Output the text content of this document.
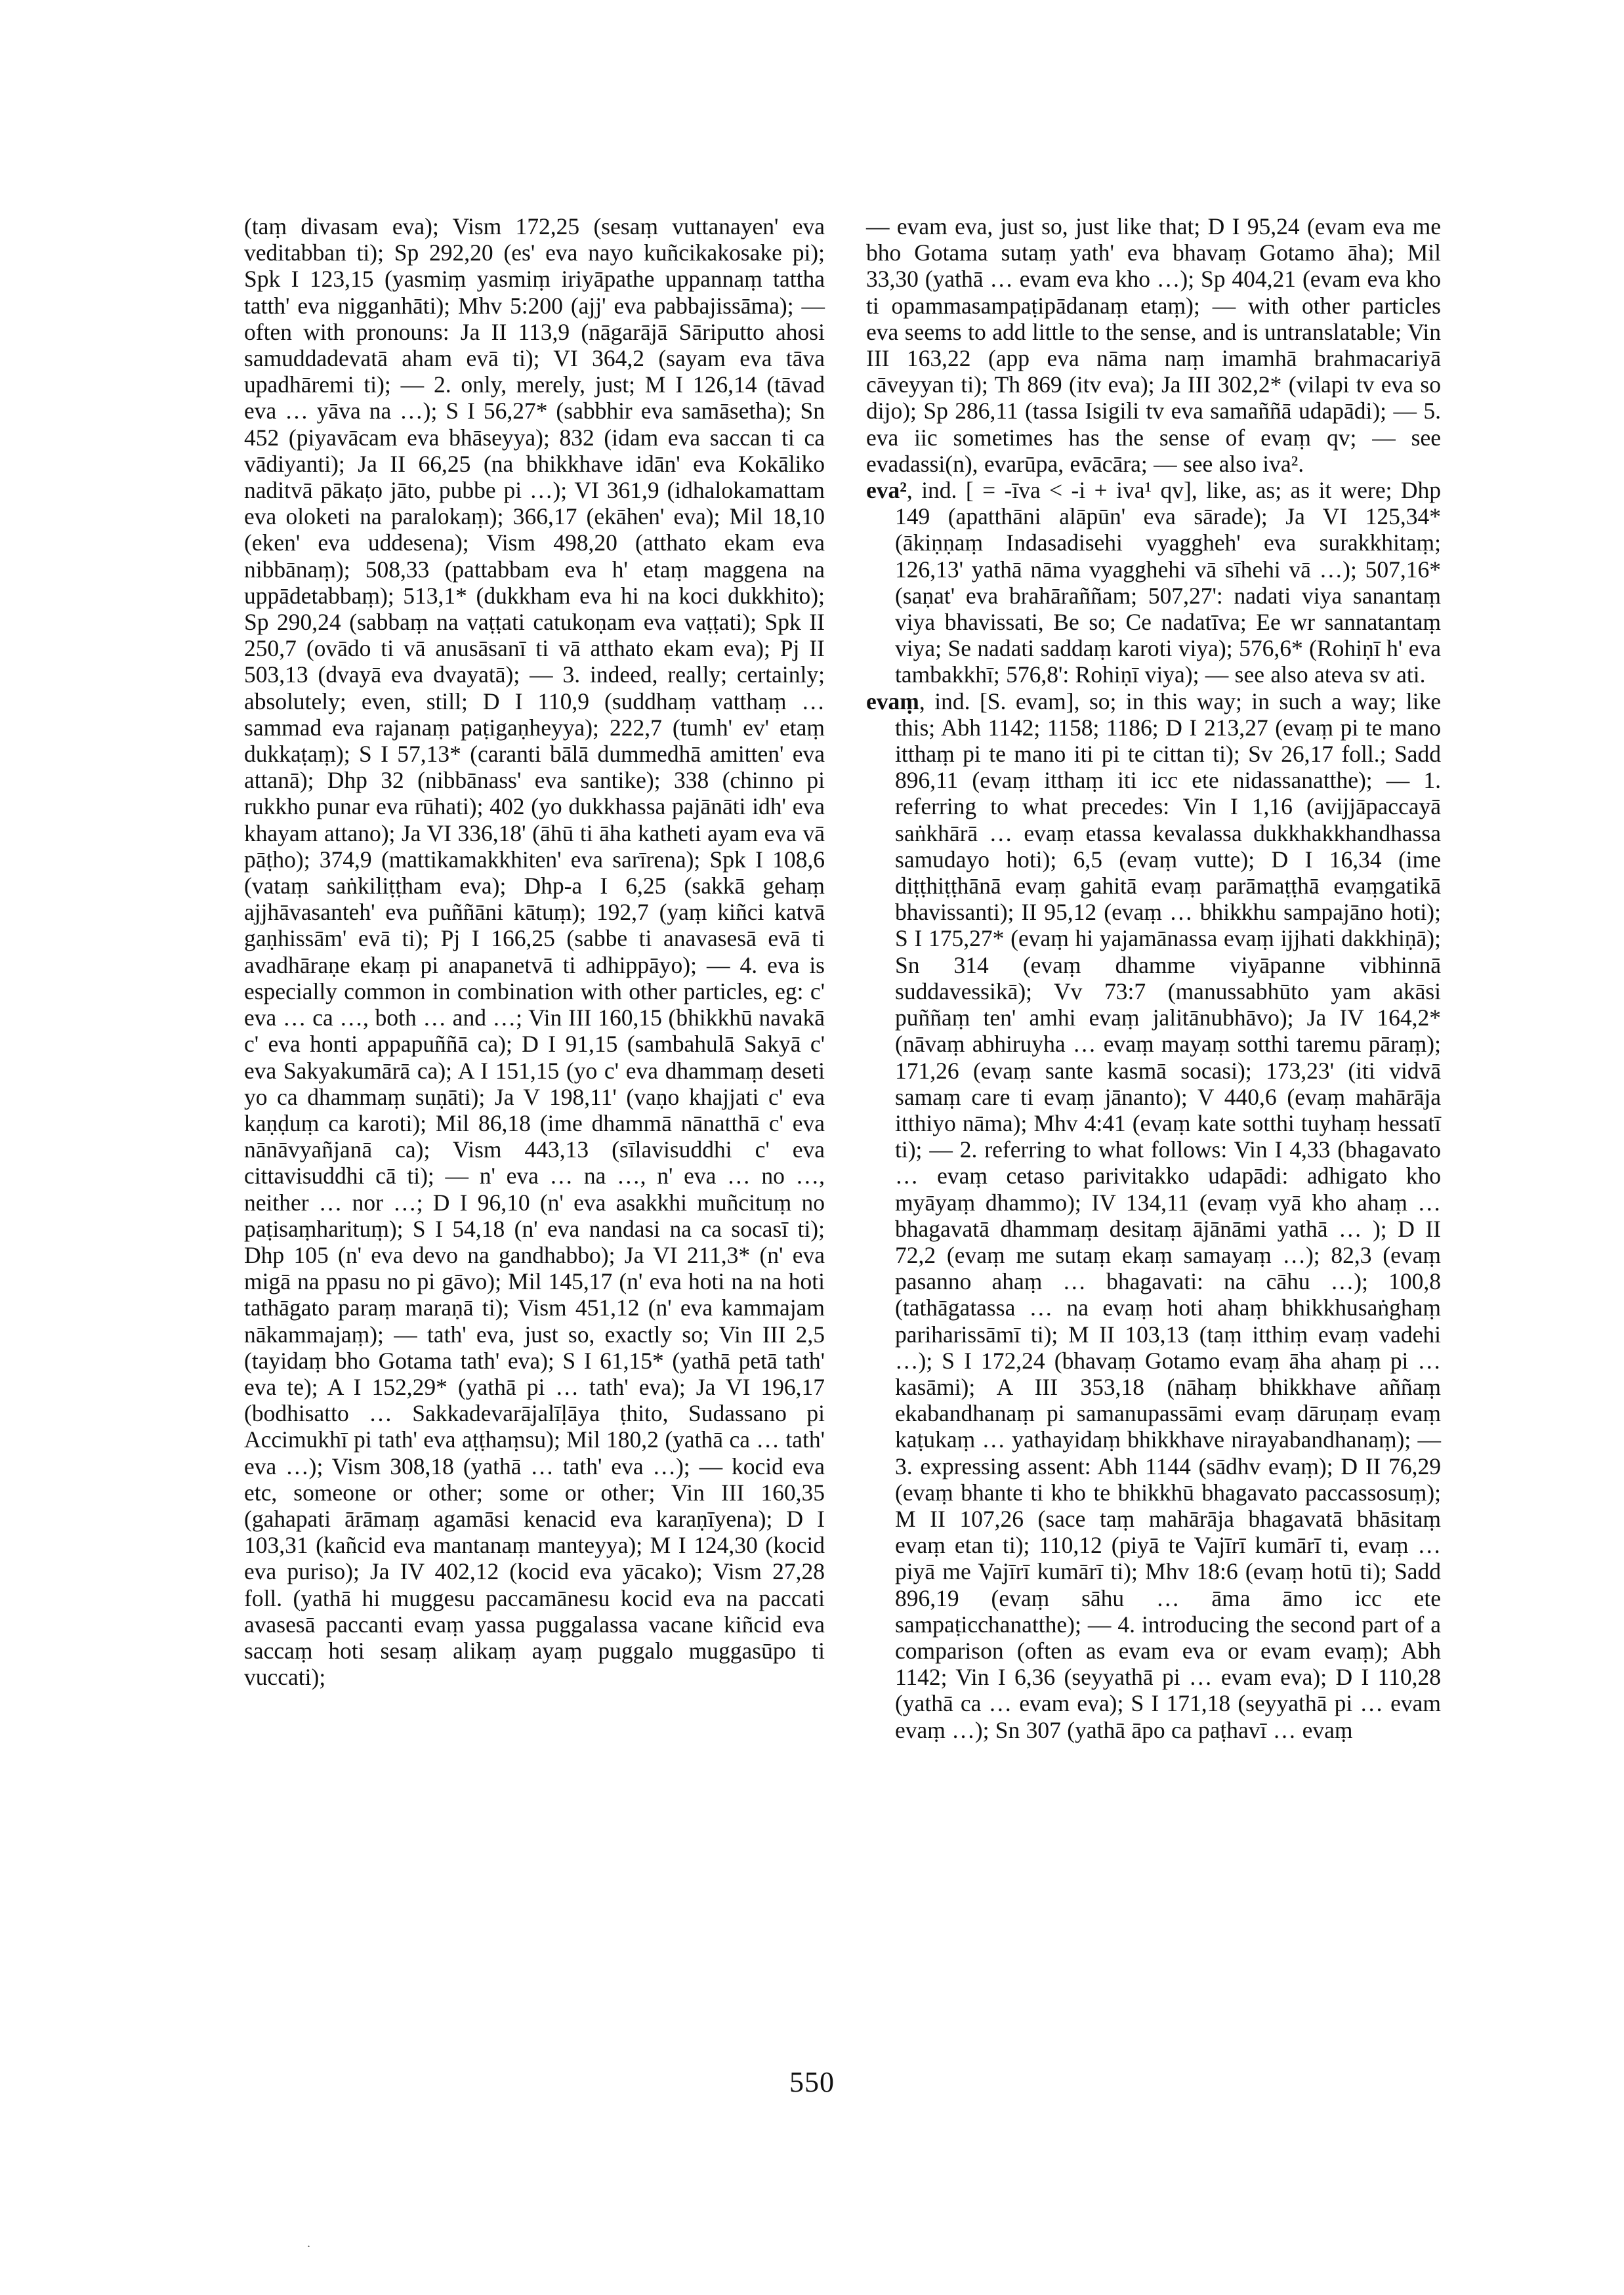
(taṃ divasam eva); Vism 172,25 (sesaṃ vuttanayen' eva veditabban ti); Sp 292,20 (es' eva nayo kuñcikakosake pi); Spk I 123,15 (yasmiṃ yasmiṃ iriyāpathe uppannaṃ tattha tatth' eva nigganhāti); Mhv 5:200 (ajj' eva pabbajissāma); — often with pronouns: Ja II 113,9 (nāgarājā Sāriputto ahosi samuddadevatā aham evā ti); VI 364,2 (sayam eva tāva upadhāremi ti); — 2. only, merely, just; M I 126,14 (tāvad eva … yāva na …); S I 56,27* (sabbhir eva samāsetha); Sn 452 (piyavācam eva bhāseyya); 832 (idam eva saccan ti ca vādiyanti); Ja II 66,25 (na bhikkhave idān' eva Kokāliko naditvā pākaṭo jāto, pubbe pi …); VI 361,9 (idhalokamattam eva oloketi na paralokaṃ); 366,17 (ekāhen' eva); Mil 18,10 (eken' eva uddesena); Vism 498,20 (atthato ekam eva nibbānaṃ); 508,33 (pattabbam eva h' etaṃ maggena na uppādetabbaṃ); 513,1* (dukkham eva hi na koci dukkhito); Sp 290,24 (sabbaṃ na vaṭṭati catukoṇam eva vaṭṭati); Spk II 250,7 (ovādo ti vā anusāsanī ti vā atthato ekam eva); Pj II 503,13 (dvayā eva dvayatā); — 3. indeed, really; certainly; absolutely; even, still; D I 110,9 (suddhaṃ vatthaṃ … sammad eva rajanaṃ paṭigaṇheyya); 222,7 (tumh' ev' etaṃ dukkaṭaṃ); S I 57,13* (caranti bālā dummedhā amitten' eva attanā); Dhp 32 (nibbānass' eva santike); 338 (chinno pi rukkho punar eva rūhati); 402 (yo dukkhassa pajānāti idh' eva khayam attano); Ja VI 336,18' (āhū ti āha katheti ayam eva vā pāṭho); 374,9 (mattikamakkhiten' eva sarīrena); Spk I 108,6 (vataṃ saṅkiliṭṭham eva); Dhp-a I 6,25 (sakkā gehaṃ ajjhāvasanteh' eva puññāni kātuṃ); 192,7 (yaṃ kiñci katvā gaṇhissām' evā ti); Pj I 166,25 (sabbe ti anavasesā evā ti avadhāraṇe ekaṃ pi anapanetvā ti adhippāyo); — 4. eva is especially common in combination with other particles, eg: c' eva … ca …, both … and …; Vin III 160,15 (bhikkhū navakā c' eva honti appapuññā ca); D I 91,15 (sambahulā Sakyā c' eva Sakyakumārā ca); A I 151,15 (yo c' eva dhammaṃ deseti yo ca dhammaṃ suṇāti); Ja V 198,11' (vaṇo khajjati c' eva kaṇḍuṃ ca karoti); Mil 86,18 (ime dhammā nānatthā c' eva nānāvyañjanā ca); Vism 443,13 (sīlavisuddhi c' eva cittavisuddhi cā ti); — n' eva … na …, n' eva … no …, neither … nor …; D I 96,10 (n' eva asakkhi muñcituṃ no paṭisaṃharituṃ); S I 54,18 (n' eva nandasi na ca socasī ti); Dhp 105 (n' eva devo na gandhabbo); Ja VI 211,3* (n' eva migā na ppasu no pi gāvo); Mil 145,17 (n' eva hoti na na hoti tathāgato paraṃ maraṇā ti); Vism 451,12 (n' eva kammajam nākammajaṃ); — tath' eva, just so, exactly so; Vin III 2,5 (tayidaṃ bho Gotama tath' eva); S I 61,15* (yathā petā tath' eva te); A I 152,29* (yathā pi … tath' eva); Ja VI 196,17 (bodhisatto … Sakkadevarājalīḷāya ṭhito, Sudassano pi Accimukhī pi tath' eva aṭṭhaṃsu); Mil 180,2 (yathā ca … tath' eva …); Vism 308,18 (yathā … tath' eva …); — kocid eva etc, someone or other; some or other; Vin III 160,35 (gahapati ārāmaṃ agamāsi kenacid eva karaṇīyena); D I 103,31 (kañcid eva mantanaṃ manteyya); M I 124,30 (kocid eva puriso); Ja IV 402,12 (kocid eva yācako); Vism 27,28 foll. (yathā hi muggesu paccamānesu kocid eva na paccati avasesā paccanti evaṃ yassa puggalassa vacane kiñcid eva saccaṃ hoti sesaṃ alikaṃ ayaṃ puggalo muggasūpo ti vuccati);

— evam eva, just so, just like that; D I 95,24 (evam eva me bho Gotama sutaṃ yath' eva bhavaṃ Gotamo āha); Mil 33,30 (yathā … evam eva kho …); Sp 404,21 (evam eva kho ti opammasampaṭipādanaṃ etaṃ); — with other particles eva seems to add little to the sense, and is untranslatable; Vin III 163,22 (app eva nāma naṃ imamhā brahmacariyā cāveyyan ti); Th 869 (itv eva); Ja III 302,2* (vilapi tv eva so dijo); Sp 286,11 (tassa Isigili tv eva samaññā udapādi); — 5. eva iic sometimes has the sense of evaṃ qv; — see evadassi(n), evarūpa, evācāra; — see also iva².

eva², ind. [ = -īva < -i + iva¹ qv], like, as; as it were; Dhp 149 (apatthāni alāpūn' eva sārade); Ja VI 125,34* (ākiṇṇaṃ Indasadisehi vyaggheh' eva surakkhitaṃ; 126,13' yathā nāma vyagghehi vā sīhehi vā …); 507,16* (saṇat' eva brahāraññam; 507,27': nadati viya sanantaṃ viya bhavissati, Be so; Ce nadatīva; Ee wr sannatantaṃ viya; Se nadati saddaṃ karoti viya); 576,6* (Rohiṇī h' eva tambakkhī; 576,8': Rohiṇī viya); — see also ateva sv ati.

evaṃ, ind. [S. evam], so; in this way; in such a way; like this; Abh 1142; 1158; 1186; D I 213,27 (evaṃ pi te mano itthaṃ pi te mano iti pi te cittan ti); Sv 26,17 foll.; Sadd 896,11 (evaṃ itthaṃ iti icc ete nidassanatthe); — 1. referring to what precedes: Vin I 1,16 (avijjāpaccayā saṅkhārā … evaṃ etassa kevalassa dukkhakkhandhassa samudayo hoti); 6,5 (evaṃ vutte); D I 16,34 (ime diṭṭhiṭṭhānā evaṃ gahitā evaṃ parāmaṭṭhā evaṃgatikā bhavissanti); II 95,12 (evaṃ … bhikkhu sampajāno hoti); S I 175,27* (evaṃ hi yajamānassa evaṃ ijjhati dakkhiṇā); Sn 314 (evaṃ dhamme viyāpanne vibhinnā suddavessikā); Vv 73:7 (manussabhūto yam akāsi puññaṃ ten' amhi evaṃ jalitānubhāvo); Ja IV 164,2* (nāvaṃ abhiruyha … evaṃ mayaṃ sotthi taremu pāraṃ); 171,26 (evaṃ sante kasmā socasi); 173,23' (iti vidvā samaṃ care ti evaṃ jānanto); V 440,6 (evaṃ mahārāja itthiyo nāma); Mhv 4:41 (evaṃ kate sotthi tuyhaṃ hessatī ti); — 2. referring to what follows: Vin I 4,33 (bhagavato … evaṃ cetaso parivitakko udapādi: adhigato kho myāyaṃ dhammo); IV 134,11 (evaṃ vyā kho ahaṃ … bhagavatā dhammaṃ desitaṃ ājānāmi yathā … ); D II 72,2 (evaṃ me sutaṃ ekaṃ samayaṃ …); 82,3 (evaṃ pasanno ahaṃ … bhagavati: na cāhu …); 100,8 (tathāgatassa … na evaṃ hoti ahaṃ bhikkhusaṅghaṃ pariharissāmī ti); M II 103,13 (taṃ itthiṃ evaṃ vadehi …); S I 172,24 (bhavaṃ Gotamo evaṃ āha ahaṃ pi … kasāmi); A III 353,18 (nāhaṃ bhikkhave aññaṃ ekabandhanaṃ pi samanupassāmi evaṃ dāruṇaṃ evaṃ kaṭukaṃ … yathayidaṃ bhikkhave nirayabandhanaṃ); — 3. expressing assent: Abh 1144 (sādhv evaṃ); D II 76,29 (evaṃ bhante ti kho te bhikkhū bhagavato paccassosuṃ); M II 107,26 (sace taṃ mahārāja bhagavatā bhāsitaṃ evaṃ etan ti); 110,12 (piyā te Vajīrī kumārī ti, evaṃ … piyā me Vajīrī kumārī ti); Mhv 18:6 (evaṃ hotū ti); Sadd 896,19 (evaṃ sāhu … āma āmo icc ete sampaṭicchanatthe); — 4. introducing the second part of a comparison (often as evam eva or evam evaṃ); Abh 1142; Vin I 6,36 (seyyathā pi … evam eva); D I 110,28 (yathā ca … evam eva); S I 171,18 (seyyathā pi … evam evaṃ …); Sn 307 (yathā āpo ca paṭhavī … evaṃ

550
.
